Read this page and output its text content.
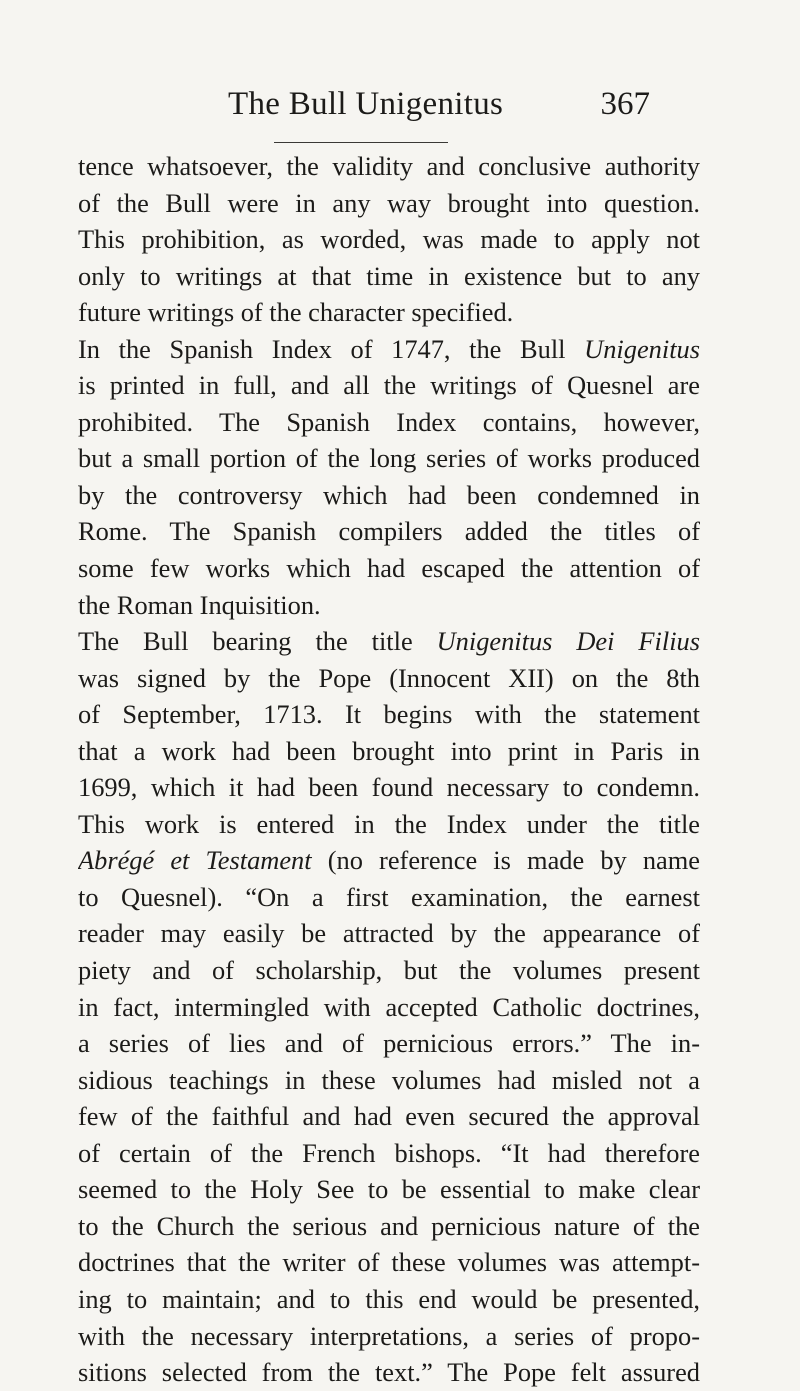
The Bull Unigenitus	367
tence whatsoever, the validity and conclusive authority
of the Bull were in any way brought into question.
This prohibition, as worded, was made to apply not
only to writings at that time in existence but to any
future writings of the character specified.
In the Spanish Index of 1747, the Bull Unigenitus
is printed in full, and all the writings of Quesnel are
prohibited. The Spanish Index contains, however,
but a small portion of the long series of works produced
by the controversy which had been condemned in
Rome. The Spanish compilers added the titles of
some few works which had escaped the attention of
the Roman Inquisition.
The Bull bearing the title Unigenitus Dei Filius
was signed by the Pope (Innocent XII) on the 8th
of September, 1713. It begins with the statement
that a work had been brought into print in Paris in
1699, which it had been found necessary to condemn.
This work is entered in the Index under the title
Abrégé et Testament (no reference is made by name
to Quesnel). “On a first examination, the earnest
reader may easily be attracted by the appearance of
piety and of scholarship, but the volumes present
in fact, intermingled with accepted Catholic doctrines,
a series of lies and of pernicious errors.” The in-
sidious teachings in these volumes had misled not a
few of the faithful and had even secured the approval
of certain of the French bishops. “It had therefore
seemed to the Holy See to be essential to make clear
to the Church the serious and pernicious nature of the
doctrines that the writer of these volumes was attempt-
ing to maintain; and to this end would be presented,
with the necessary interpretations, a series of propo-
sitions selected from the text.” The Pope felt assured
